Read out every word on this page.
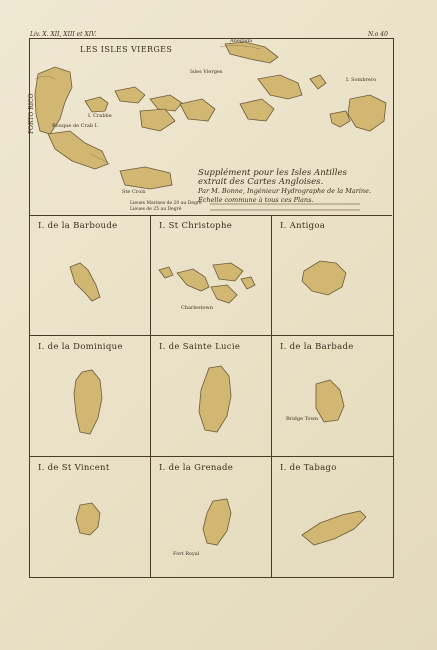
Liv. X. XII, XIII et XIV.	N.o 40
LES ISLES VIERGES
PORTO RICO
Anegada
I. Sombrero
Isles Vierges
Bouque de Crab I.
Ste Croix
I. Crabbe
Supplément pour les Isles Antilles
extrait des Cartes Angloises.
Par M. Bonne, Ingénieur Hydrographe de la Marine.
Échelle commune à tous ces Plans.
Lieues Marines de 20 au Degré
Lieues de 25 au Degré
I. de la Barboude	I. St Christophe
Charlestown
I. Antigoa
I. de la Dominique	I. de Sainte Lucie	I. de la Barbade
Bridge Town
I. de St Vincent	I. de la Grenade
Fort Royal
I. de Tabago
